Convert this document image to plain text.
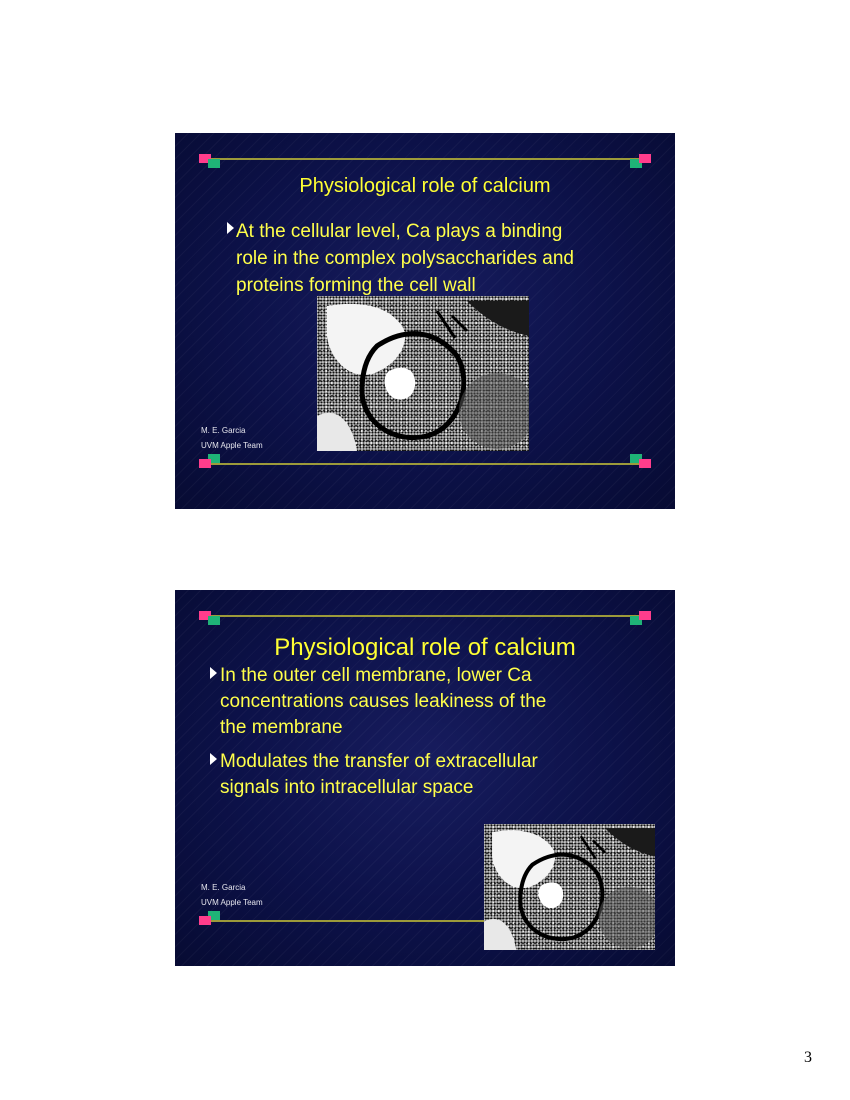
Physiological role of calcium
At the cellular level, Ca plays a binding
role in the complex polysaccharides and
proteins forming the cell wall
M. E. Garcia
UVM Apple Team
Physiological role of calcium
In the outer cell membrane, lower Ca
concentrations causes leakiness of the
the membrane
Modulates the transfer of extracellular
signals into intracellular space
M. E. Garcia
UVM Apple Team
3
